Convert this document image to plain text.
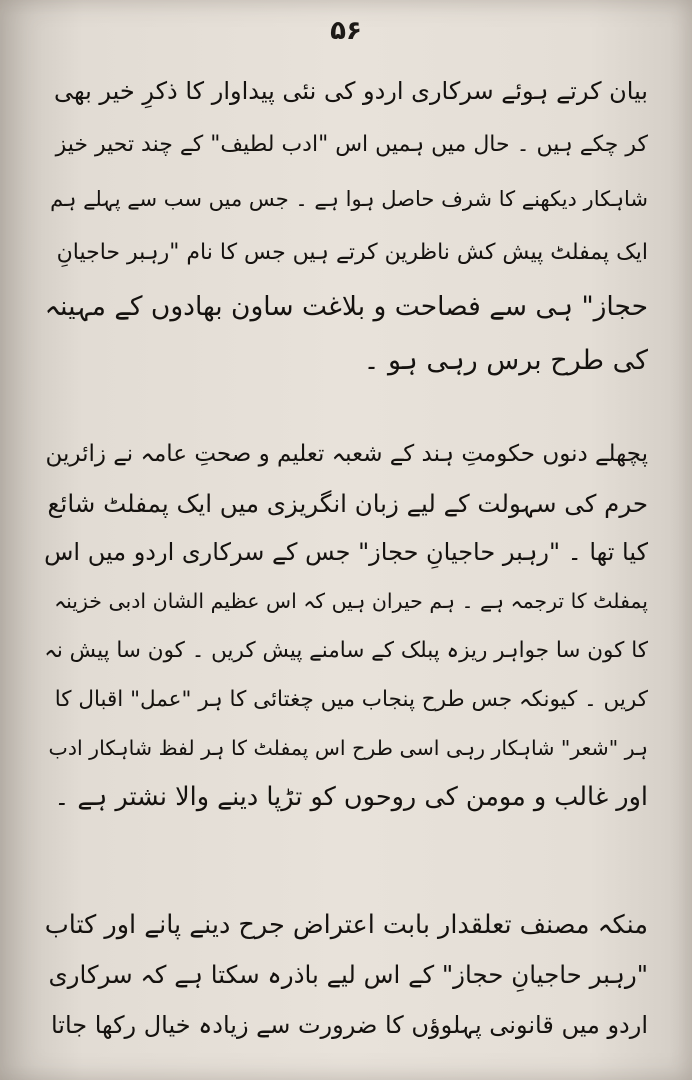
۵۶
بیان کرتے ہوئے سرکاری اردو کی نئی پیداوار کا ذکرِ خیر بھی
کر چکے ہیں ۔ حال میں ہمیں اس "ادب لطیف" کے چند تحیر خیز
شاہکار دیکھنے کا شرف حاصل ہوا ہے ۔ جس میں سب سے پہلے ہم
ایک پمفلٹ پیش کش ناظرین کرتے ہیں جس کا نام "رہبر حاجیانِ
حجاز" ہی سے فصاحت و بلاغت ساون بھادوں کے مہینہ
کی طرح برس رہی ہو ۔
پچھلے دنوں حکومتِ ہند کے شعبہ تعلیم و صحتِ عامہ نے زائرین
حرم کی سہولت کے لیے زبان انگریزی میں ایک پمفلٹ شائع
کیا تھا ۔ "رہبر حاجیانِ حجاز" جس کے سرکاری اردو میں اس
پمفلٹ کا ترجمہ ہے ۔ ہم حیران ہیں کہ اس عظیم الشان ادبی خزینہ
کا کون سا جواہر ریزہ پبلک کے سامنے پیش کریں ۔ کون سا پیش نہ
کریں ۔ کیونکہ جس طرح پنجاب میں چغتائی کا ہر "عمل" اقبال کا
ہر "شعر" شاہکار رہی اسی طرح اس پمفلٹ کا ہر لفظ شاہکار ادب
اور غالب و مومن کی روحوں کو تڑپا دینے والا نشتر ہے ۔
منکہ مصنف تعلقدار بابت اعتراض جرح دینے پانے اور کتاب
"رہبر حاجیانِ حجاز" کے اس لیے باذرہ سکتا ہے کہ سرکاری
اردو میں قانونی پہلوؤں کا ضرورت سے زیادہ خیال رکھا جاتا
